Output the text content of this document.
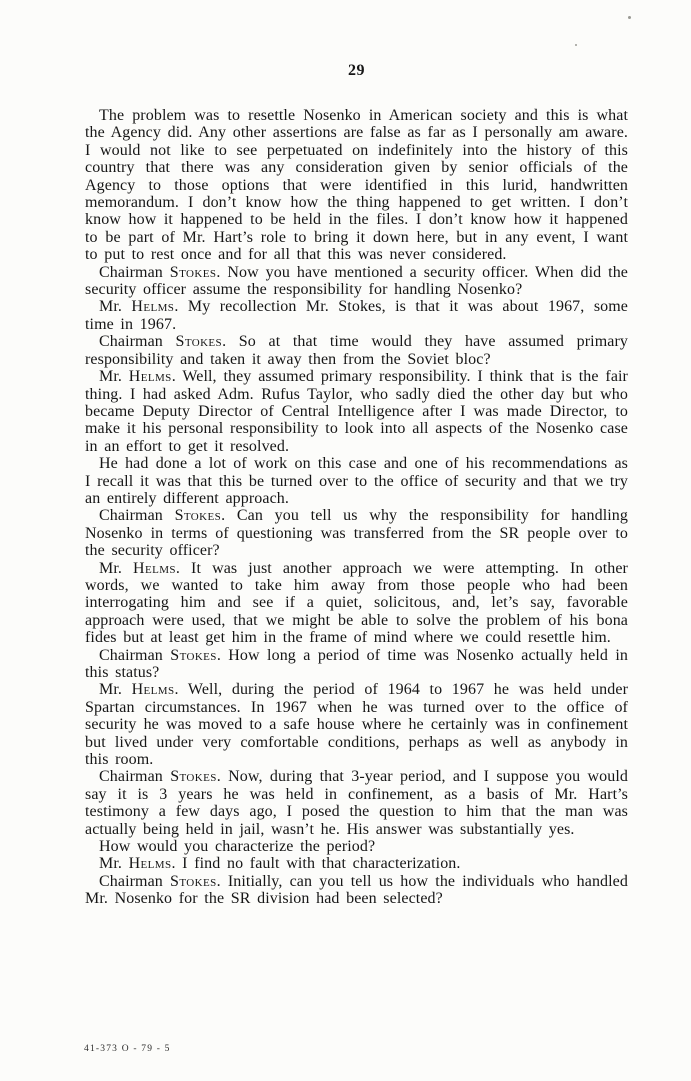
29

The problem was to resettle Nosenko in American society and this is what the Agency did. Any other assertions are false as far as I personally am aware. I would not like to see perpetuated on indefinitely into the history of this country that there was any consideration given by senior officials of the Agency to those options that were identified in this lurid, handwritten memorandum. I don’t know how the thing happened to get written. I don’t know how it happened to be held in the files. I don’t know how it happened to be part of Mr. Hart’s role to bring it down here, but in any event, I want to put to rest once and for all that this was never considered.

Chairman Stokes. Now you have mentioned a security officer. When did the security officer assume the responsibility for handling Nosenko?

Mr. Helms. My recollection Mr. Stokes, is that it was about 1967, some time in 1967.

Chairman Stokes. So at that time would they have assumed primary responsibility and taken it away then from the Soviet bloc?

Mr. Helms. Well, they assumed primary responsibility. I think that is the fair thing. I had asked Adm. Rufus Taylor, who sadly died the other day but who became Deputy Director of Central Intelligence after I was made Director, to make it his personal responsibility to look into all aspects of the Nosenko case in an effort to get it resolved.

He had done a lot of work on this case and one of his recommendations as I recall it was that this be turned over to the office of security and that we try an entirely different approach.

Chairman Stokes. Can you tell us why the responsibility for handling Nosenko in terms of questioning was transferred from the SR people over to the security officer?

Mr. Helms. It was just another approach we were attempting. In other words, we wanted to take him away from those people who had been interrogating him and see if a quiet, solicitous, and, let’s say, favorable approach were used, that we might be able to solve the problem of his bona fides but at least get him in the frame of mind where we could resettle him.

Chairman Stokes. How long a period of time was Nosenko actually held in this status?

Mr. Helms. Well, during the period of 1964 to 1967 he was held under Spartan circumstances. In 1967 when he was turned over to the office of security he was moved to a safe house where he certainly was in confinement but lived under very comfortable conditions, perhaps as well as anybody in this room.

Chairman Stokes. Now, during that 3-year period, and I suppose you would say it is 3 years he was held in confinement, as a basis of Mr. Hart’s testimony a few days ago, I posed the question to him that the man was actually being held in jail, wasn’t he. His answer was substantially yes.

How would you characterize the period?

Mr. Helms. I find no fault with that characterization.

Chairman Stokes. Initially, can you tell us how the individuals who handled Mr. Nosenko for the SR division had been selected?

41-373 O - 79 - 5
